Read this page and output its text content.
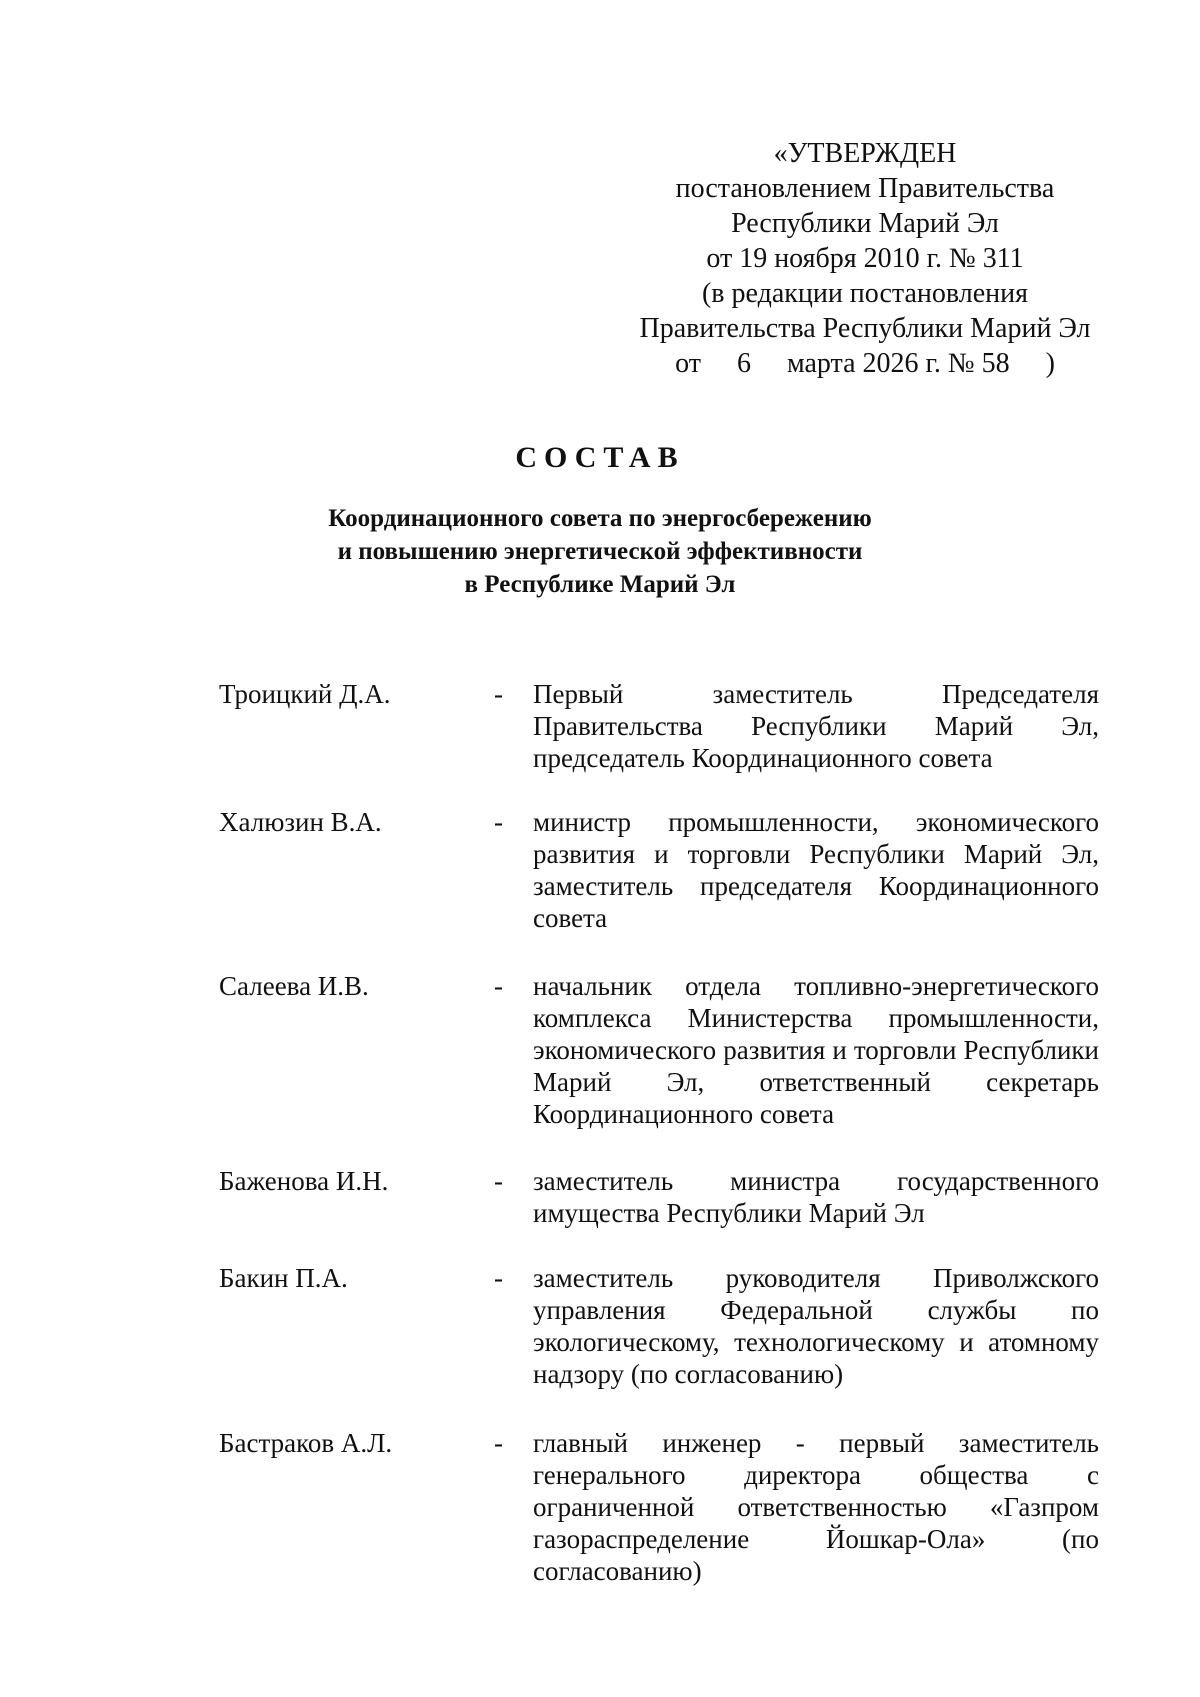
«УТВЕРЖДЕН
постановлением Правительства
Республики Марий Эл
от 19 ноября 2010 г. № 311
(в редакции постановления
Правительства Республики Марий Эл
от 6 марта 2026 г. № 58 )
СОСТАВ
Координационного совета по энергосбережению
и повышению энергетической эффективности
в Республике Марий Эл
Троицкий Д.А.	- Первый заместитель Председателя Правительства Республики Марий Эл, председатель Координационного совета
Халюзин В.А.	- министр промышленности, экономического развития и торговли Республики Марий Эл, заместитель председателя Координационного совета
Салеева И.В.	- начальник отдела топливно-энергетического комплекса Министерства промышленности, экономического развития и торговли Республики Марий Эл, ответственный секретарь Координационного совета
Баженова И.Н.	- заместитель министра государственного имущества Республики Марий Эл
Бакин П.А.	- заместитель руководителя Приволжского управления Федеральной службы по экологическому, технологическому и атомному надзору (по согласованию)
Бастраков А.Л.	- главный инженер - первый заместитель генерального директора общества с ограниченной ответственностью «Газпром газораспределение Йошкар-Ола» (по согласованию)
